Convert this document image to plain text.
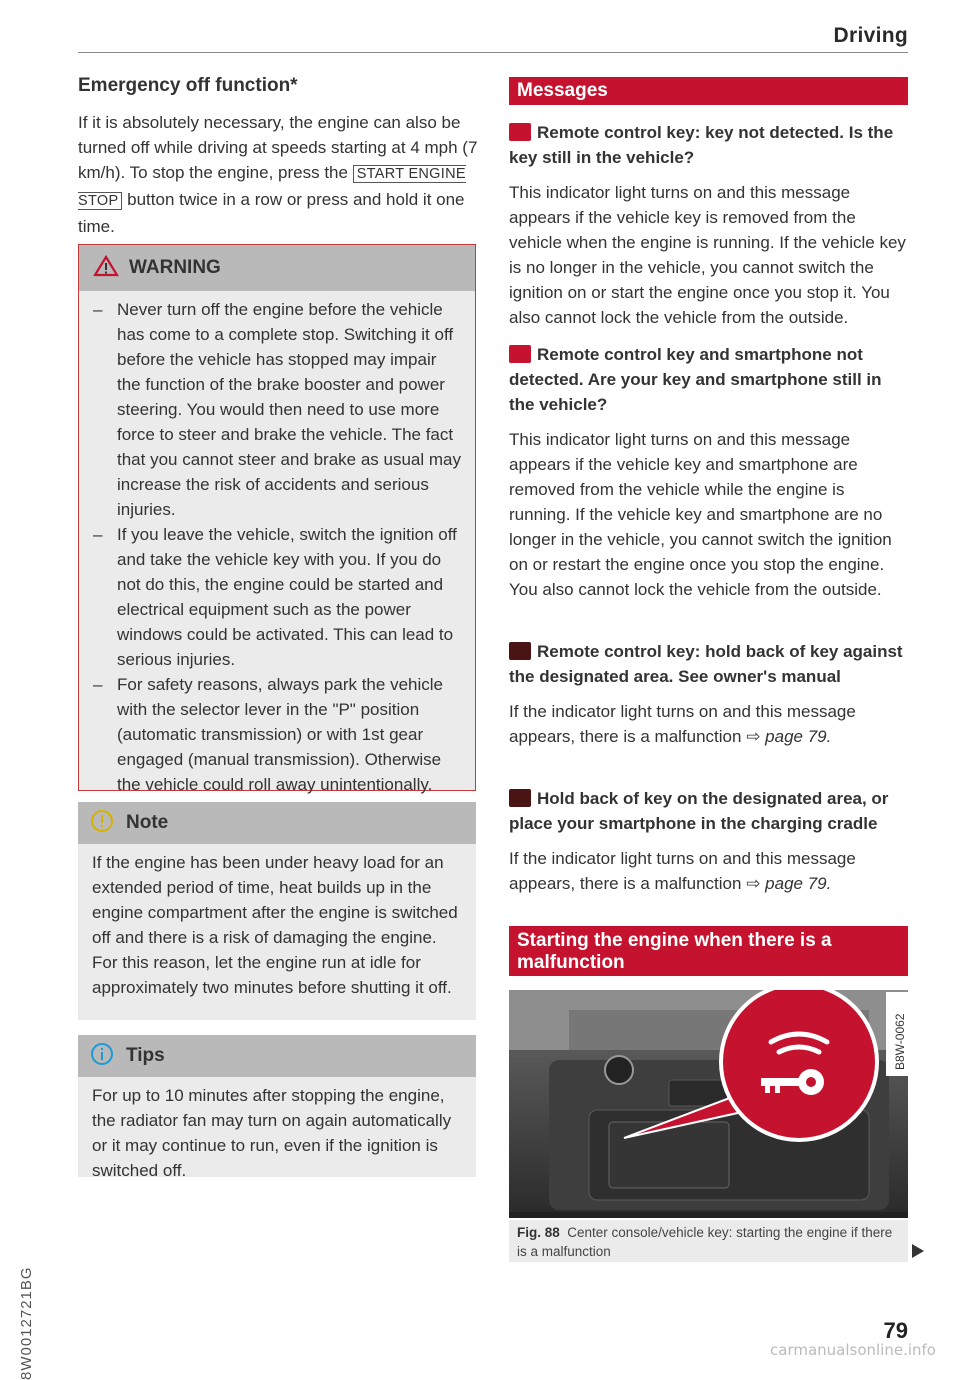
Driving
8W0012721BG
Emergency off function*

If it is absolutely necessary, the engine can also be turned off while driving at speeds starting at 4 mph (7 km/h). To stop the engine, press the START ENGINE STOP button twice in a row or press and hold it one time.

WARNING
– Never turn off the engine before the vehicle has come to a complete stop. Switching it off before the vehicle has stopped may impair the function of the brake booster and power steering. You would then need to use more force to steer and brake the vehicle. The fact that you cannot steer and brake as usual may increase the risk of accidents and serious injuries.
– If you leave the vehicle, switch the ignition off and take the vehicle key with you. If you do not do this, the engine could be started and electrical equipment such as the power windows could be activated. This can lead to serious injuries.
– For safety reasons, always park the vehicle with the selector lever in the "P" position (automatic transmission) or with 1st gear engaged (manual transmission). Otherwise the vehicle could roll away unintentionally.
Note
If the engine has been under heavy load for an extended period of time, heat builds up in the engine compartment after the engine is switched off and there is a risk of damaging the engine. For this reason, let the engine run at idle for approximately two minutes before shutting it off.
Tips
For up to 10 minutes after stopping the engine, the radiator fan may turn on again automatically or it may continue to run, even if the ignition is switched off.
Messages
Remote control key: key not detected. Is the key still in the vehicle?

This indicator light turns on and this message appears if the vehicle key is removed from the vehicle when the engine is running. If the vehicle key is no longer in the vehicle, you cannot switch the ignition on or start the engine once you stop it. You also cannot lock the vehicle from the outside.

Remote control key and smartphone not detected. Are your key and smartphone still in the vehicle?

This indicator light turns on and this message appears if the vehicle key and smartphone are removed from the vehicle while the engine is running. If the vehicle key and smartphone are no longer in the vehicle, you cannot switch the ignition on or restart the engine once you stop the engine. You also cannot lock the vehicle from the outside.

Remote control key: hold back of key against the designated area. See owner's manual

If the indicator light turns on and this message appears, there is a malfunction ⇨ page 79.

Hold back of key on the designated area, or place your smartphone in the charging cradle

If the indicator light turns on and this message appears, there is a malfunction ⇨ page 79.

Starting the engine when there is a malfunction
B8W-0062
Fig. 88 Center console/vehicle key: starting the engine if there is a malfunction
79
carmanualsonline.info
